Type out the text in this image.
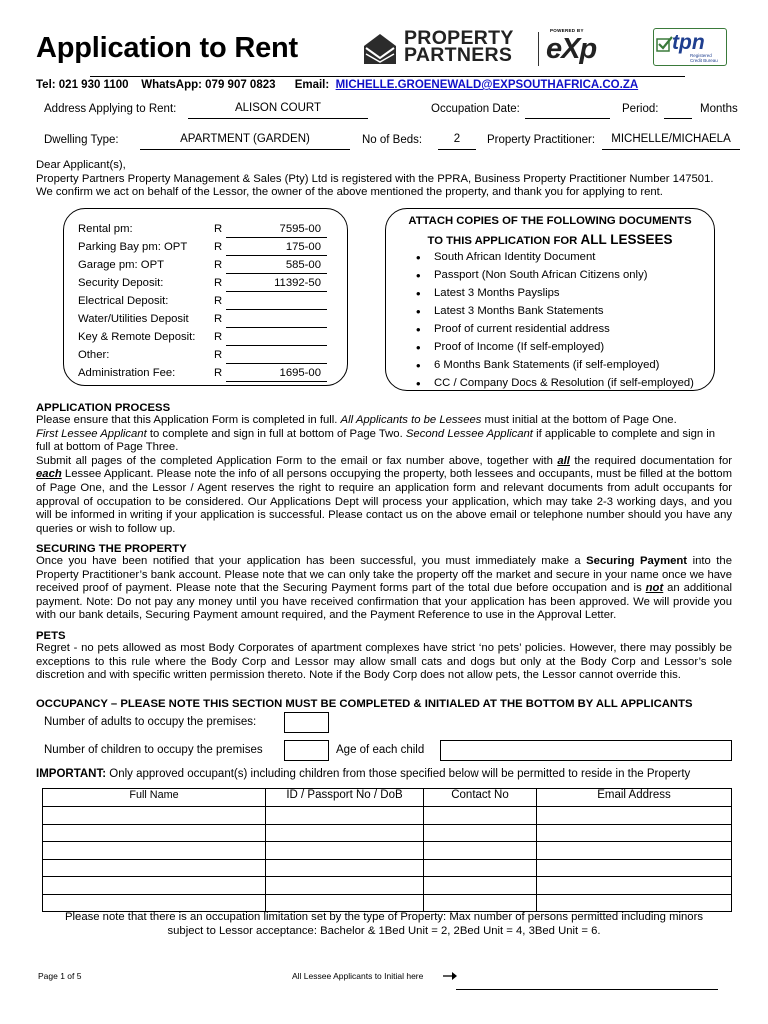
Application to Rent	PROPERTY
PARTNERS
POWERED BY
eXp	tpn
Registered
Credit Bureau
Tel: 021 930 1100 WhatsApp: 079 907 0823 Email: MICHELLE.GROENEWALD@EXPSOUTHAFRICA.CO.ZA
Address Applying to Rent:	ALISON COURT	Occupation Date:	Period:	Months
Dwelling Type:	APARTMENT (GARDEN)	No of Beds:	2	Property Practitioner:	MICHELLE/MICHAELA
Dear Applicant(s),
Property Partners Property Management & Sales (Pty) Ltd is registered with the PPRA, Business Property Practitioner Number 147501.
We confirm we act on behalf of the Lessor, the owner of the above mentioned the property, and thank you for applying to rent.
Rental pm:	R	7595-00
Parking Bay pm: OPT R	175-00
Garage pm: OPT	R	585-00
Security Deposit:	R	11392-50
Electrical Deposit:	R
Water/Utilities Deposit R
Key & Remote Deposit: R
Other:	R
Administration Fee:	R	1695-00
ATTACH COPIES OF THE FOLLOWING DOCUMENTS
TO THIS APPLICATION FOR ALL LESSEES
• South African Identity Document
• Passport (Non South African Citizens only)
• Latest 3 Months Payslips
• Latest 3 Months Bank Statements
• Proof of current residential address
• Proof of Income (If self-employed)
• 6 Months Bank Statements (if self-employed)
• CC / Company Docs & Resolution (if self-employed)
APPLICATION PROCESS
Please ensure that this Application Form is completed in full. All Applicants to be Lessees must initial at the bottom of Page One.
First Lessee Applicant to complete and sign in full at bottom of Page Two. Second Lessee Applicant if applicable to complete and sign in full at bottom of Page Three.
Submit all pages of the completed Application Form to the email or fax number above, together with all the required documentation for each Lessee Applicant. Please note the info of all persons occupying the property, both lessees and occupants, must be filled at the bottom of Page One, and the Lessor / Agent reserves the right to require an application form and relevant documents from adult occupants for approval of occupation to be considered. Our Applications Dept will process your application, which may take 2-3 working days, and you will be informed in writing if your application is successful. Please contact us on the above email or telephone number should you have any queries or wish to follow up.
SECURING THE PROPERTY
Once you have been notified that your application has been successful, you must immediately make a Securing Payment into the Property Practitioner’s bank account. Please note that we can only take the property off the market and secure in your name once we have received proof of payment. Please note that the Securing Payment forms part of the total due before occupation and is not an additional payment. Note: Do not pay any money until you have received confirmation that your application has been approved. We will provide you with our bank details, Securing Payment amount required, and the Payment Reference to use in the Approval Letter.
PETS
Regret - no pets allowed as most Body Corporates of apartment complexes have strict ‘no pets’ policies. However, there may possibly be exceptions to this rule where the Body Corp and Lessor may allow small cats and dogs but only at the Body Corp and Lessor’s sole discretion and with specific written permission thereto. Note if the Body Corp does not allow pets, the Lessor cannot override this.
OCCUPANCY – PLEASE NOTE THIS SECTION MUST BE COMPLETED & INITIALED AT THE BOTTOM BY ALL APPLICANTS
Number of adults to occupy the premises:
Number of children to occupy the premises	Age of each child
IMPORTANT: Only approved occupant(s) including children from those specified below will be permitted to reside in the Property
Full Name	ID / Passport No / DoB	Contact No	Email Address

Please note that there is an occupation limitation set by the type of Property: Max number of persons permitted including minors
subject to Lessor acceptance: Bachelor & 1Bed Unit = 2, 2Bed Unit = 4, 3Bed Unit = 6.
Page 1 of 5	All Lessee Applicants to Initial here
